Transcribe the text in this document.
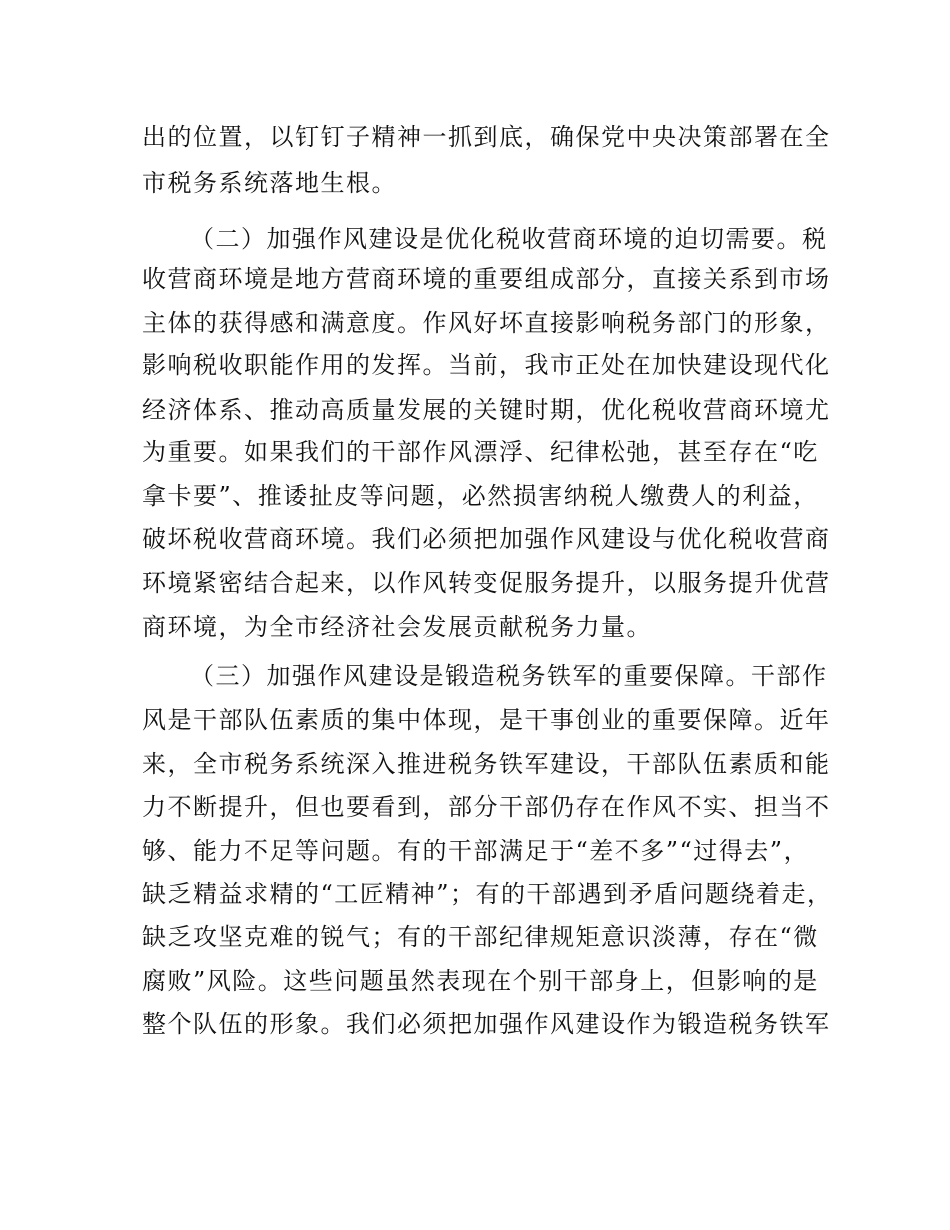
出的位置，以钉钉子精神一抓到底，确保党中央决策部署在全
市税务系统落地生根。
（二）加强作风建设是优化税收营商环境的迫切需要。税
收营商环境是地方营商环境的重要组成部分，直接关系到市场
主体的获得感和满意度。作风好坏直接影响税务部门的形象，
影响税收职能作用的发挥。当前，我市正处在加快建设现代化
经济体系、推动高质量发展的关键时期，优化税收营商环境尤
为重要。如果我们的干部作风漂浮、纪律松弛，甚至存在“吃
拿卡要”、推诿扯皮等问题，必然损害纳税人缴费人的利益，
破坏税收营商环境。我们必须把加强作风建设与优化税收营商
环境紧密结合起来，以作风转变促服务提升，以服务提升优营
商环境，为全市经济社会发展贡献税务力量。
（三）加强作风建设是锻造税务铁军的重要保障。干部作
风是干部队伍素质的集中体现，是干事创业的重要保障。近年
来，全市税务系统深入推进税务铁军建设，干部队伍素质和能
力不断提升，但也要看到，部分干部仍存在作风不实、担当不
够、能力不足等问题。有的干部满足于“差不多”“过得去”，
缺乏精益求精的“工匠精神”；有的干部遇到矛盾问题绕着走，
缺乏攻坚克难的锐气；有的干部纪律规矩意识淡薄，存在“微
腐败”风险。这些问题虽然表现在个别干部身上，但影响的是
整个队伍的形象。我们必须把加强作风建设作为锻造税务铁军
